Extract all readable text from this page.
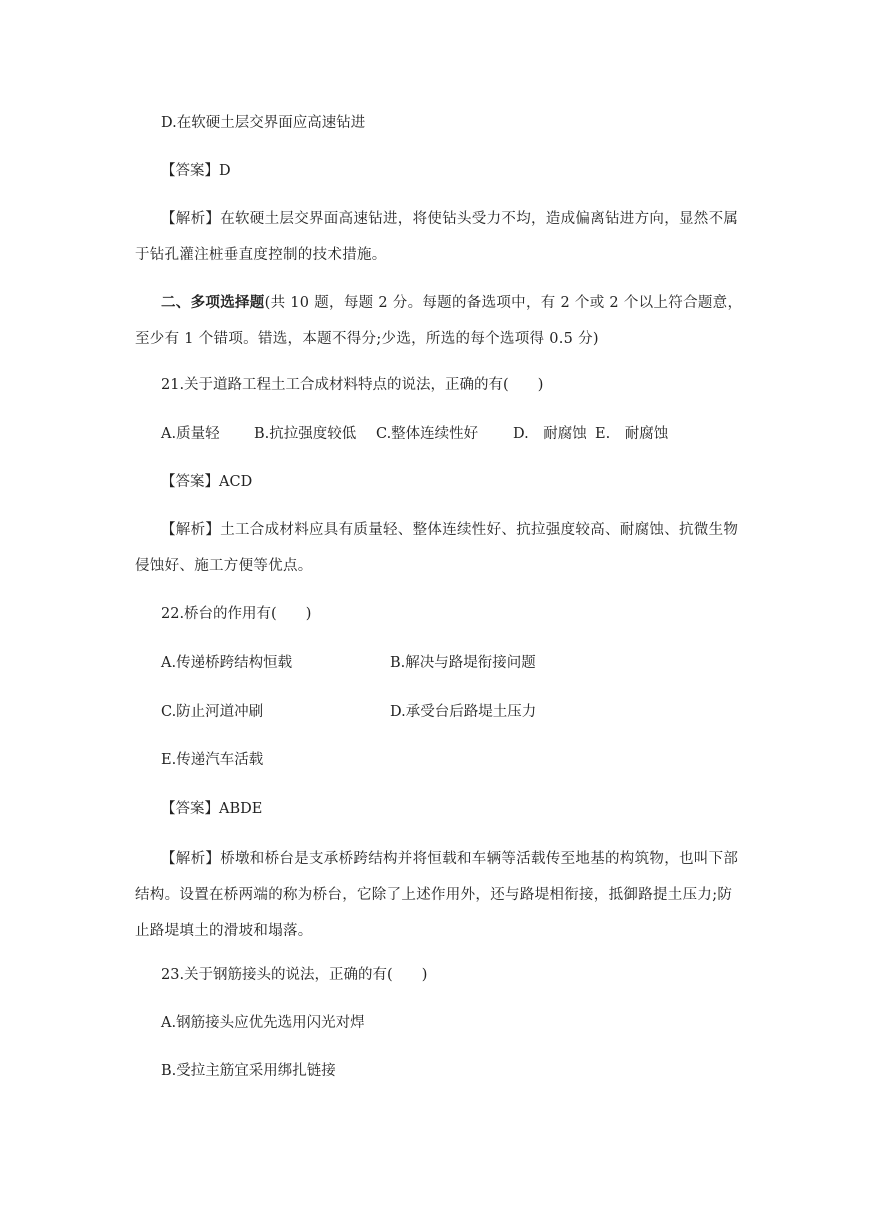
D.在软硬土层交界面应高速钻进
【答案】D
【解析】在软硬土层交界面高速钻进，将使钻头受力不均，造成偏离钻进方向，显然不属于钻孔灌注桩垂直度控制的技术措施。
二、多项选择题(共 10 题，每题 2 分。每题的备选项中，有 2 个或 2 个以上符合题意，至少有 1 个错项。错选，本题不得分;少选，所选的每个选项得 0.5 分)
21.关于道路工程土工合成材料特点的说法，正确的有(　　)
A.质量轻 B.抗拉强度较低 C.整体连续性好 D.　耐腐蚀 E.　耐腐蚀
【答案】ACD
【解析】土工合成材料应具有质量轻、整体连续性好、抗拉强度较高、耐腐蚀、抗微生物侵蚀好、施工方便等优点。
22.桥台的作用有(　　)
A.传递桥跨结构恒载	B.解决与路堤衔接问题
C.防止河道冲刷	D.承受台后路堤土压力
E.传递汽车活载
【答案】ABDE
【解析】桥墩和桥台是支承桥跨结构并将恒载和车辆等活载传至地基的构筑物，也叫下部结构。设置在桥两端的称为桥台，它除了上述作用外，还与路堤相衔接，抵御路提土压力;防止路堤填土的滑坡和塌落。
23.关于钢筋接头的说法，正确的有(　　)
A.钢筋接头应优先选用闪光对焊
B.受拉主筋宜采用绑扎链接
